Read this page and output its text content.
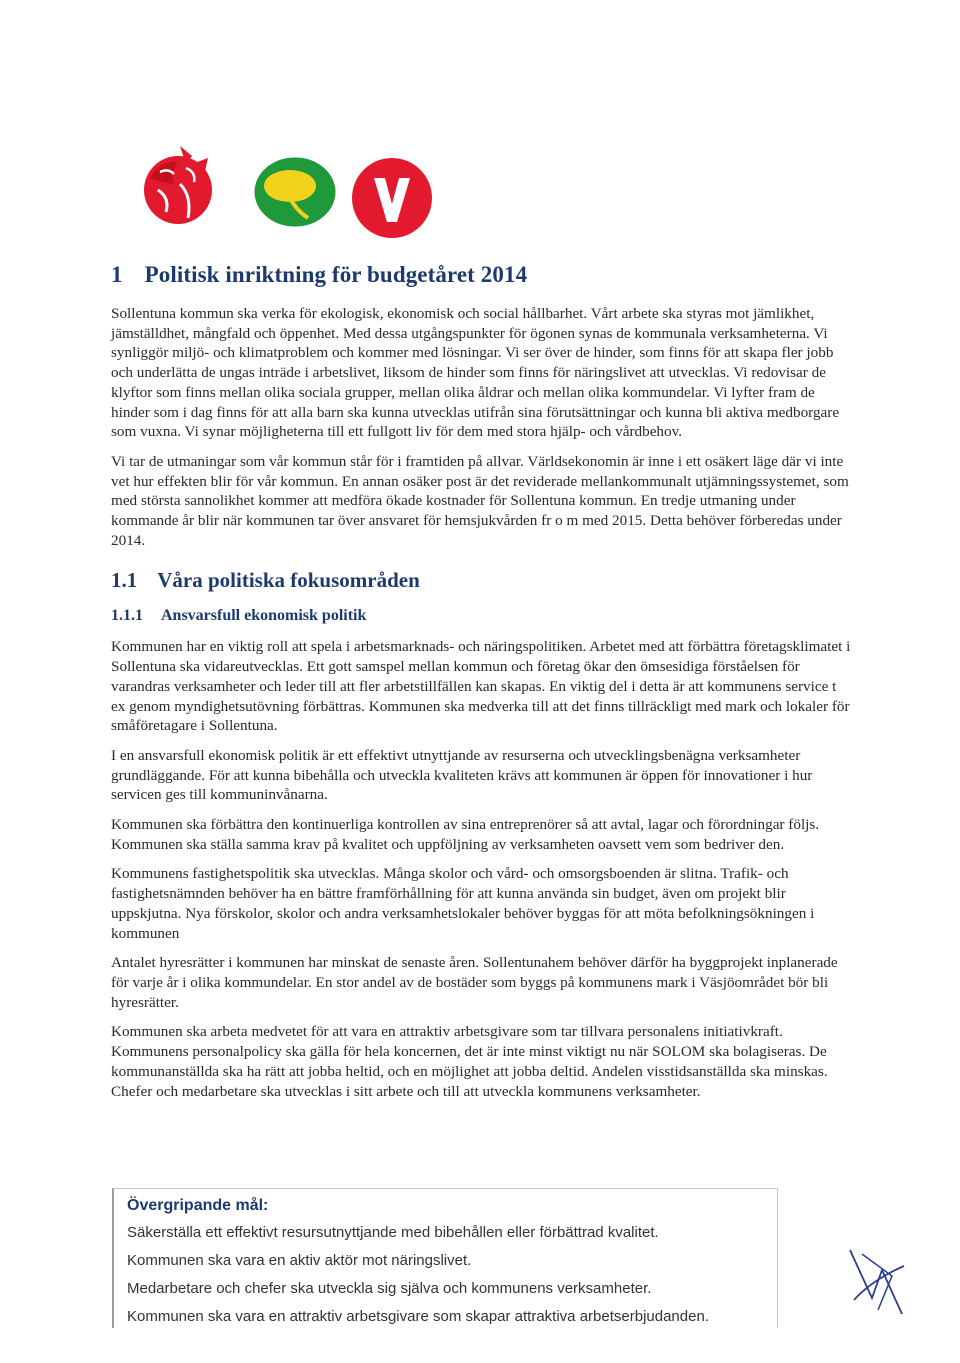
1 Politisk inriktning för budgetåret 2014

Sollentuna kommun ska verka för ekologisk, ekonomisk och social hållbarhet. Vårt arbete ska styras mot jämlikhet, jämställdhet, mångfald och öppenhet. Med dessa utgångspunkter för ögonen synas de kommunala verksamheterna. Vi synliggör miljö- och klimatproblem och kommer med lösningar. Vi ser över de hinder, som finns för att skapa fler jobb och underlätta de ungas inträde i arbetslivet, liksom de hinder som finns för näringslivet att utvecklas. Vi redovisar de klyftor som finns mellan olika sociala grupper, mellan olika åldrar och mellan olika kommundelar. Vi lyfter fram de hinder som i dag finns för att alla barn ska kunna utvecklas utifrån sina förutsättningar och kunna bli aktiva medborgare som vuxna. Vi synar möjligheterna till ett fullgott liv för dem med stora hjälp- och vårdbehov.

Vi tar de utmaningar som vår kommun står för i framtiden på allvar. Världsekonomin är inne i ett osäkert läge där vi inte vet hur effekten blir för vår kommun. En annan osäker post är det reviderade mellankommunalt utjämningssystemet, som med största sannolikhet kommer att medföra ökade kostnader för Sollentuna kommun. En tredje utmaning under kommande år blir när kommunen tar över ansvaret för hemsjukvården fr o m med 2015. Detta behöver förberedas under 2014.

1.1 Våra politiska fokusområden
1.1.1 Ansvarsfull ekonomisk politik

Kommunen har en viktig roll att spela i arbetsmarknads- och näringspolitiken. Arbetet med att förbättra företagsklimatet i Sollentuna ska vidareutvecklas. Ett gott samspel mellan kommun och företag ökar den ömsesidiga förståelsen för varandras verksamheter och leder till att fler arbetstillfällen kan skapas. En viktig del i detta är att kommunens service t ex genom myndighetsutövning förbättras. Kommunen ska medverka till att det finns tillräckligt med mark och lokaler för småföretagare i Sollentuna.

I en ansvarsfull ekonomisk politik är ett effektivt utnyttjande av resurserna och utvecklingsbenägna verksamheter grundläggande. För att kunna bibehålla och utveckla kvaliteten krävs att kommunen är öppen för innovationer i hur servicen ges till kommuninvånarna.

Kommunen ska förbättra den kontinuerliga kontrollen av sina entreprenörer så att avtal, lagar och förordningar följs. Kommunen ska ställa samma krav på kvalitet och uppföljning av verksamheten oavsett vem som bedriver den.

Kommunens fastighetspolitik ska utvecklas. Många skolor och vård- och omsorgsboenden är slitna. Trafik- och fastighetsnämnden behöver ha en bättre framförhållning för att kunna använda sin budget, även om projekt blir uppskjutna. Nya förskolor, skolor och andra verksamhetslokaler behöver byggas för att möta befolkningsökningen i kommunen

Antalet hyresrätter i kommunen har minskat de senaste åren. Sollentunahem behöver därför ha byggprojekt inplanerade för varje år i olika kommundelar. En stor andel av de bostäder som byggs på kommunens mark i Väsjöområdet bör bli hyresrätter.

Kommunen ska arbeta medvetet för att vara en attraktiv arbetsgivare som tar tillvara personalens initiativkraft. Kommunens personalpolicy ska gälla för hela koncernen, det är inte minst viktigt nu när SOLOM ska bolagiseras. De kommunanställda ska ha rätt att jobba heltid, och en möjlighet att jobba deltid. Andelen visstidsanställda ska minskas. Chefer och medarbetare ska utvecklas i sitt arbete och till att utveckla kommunens verksamheter.

Övergripande mål:
Säkerställa ett effektivt resursutnyttjande med bibehållen eller förbättrad kvalitet.
Kommunen ska vara en aktiv aktör mot näringslivet.
Medarbetare och chefer ska utveckla sig själva och kommunens verksamheter.
Kommunen ska vara en attraktiv arbetsgivare som skapar attraktiva arbetserbjudanden.
